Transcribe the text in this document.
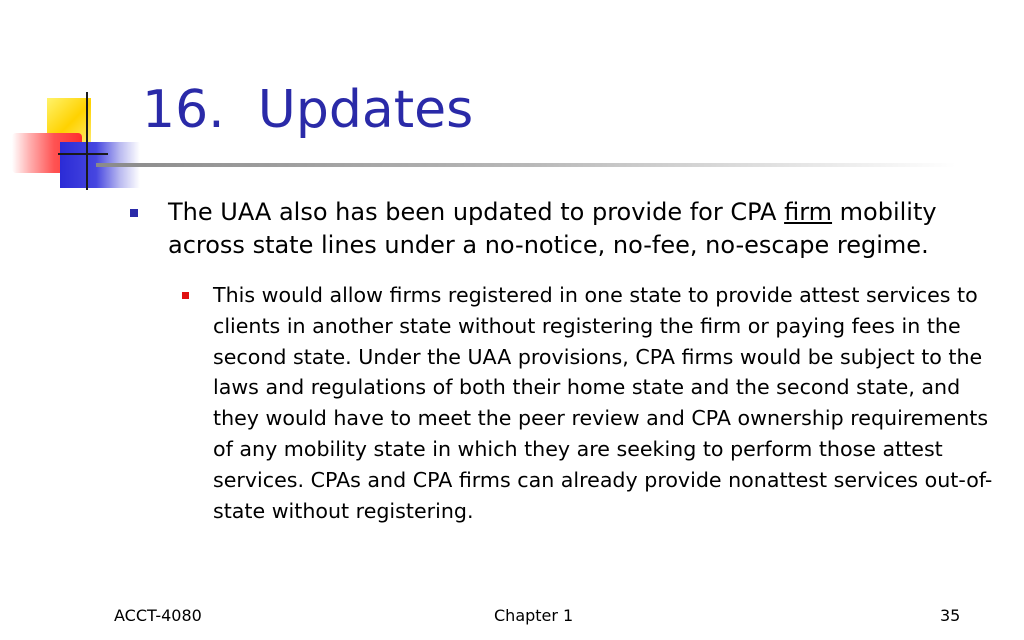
16.  Updates
The UAA also has been updated to provide for CPA firm mobility across state lines under a no-notice, no-fee, no-escape regime.
This would allow firms registered in one state to provide attest services to clients in another state without registering the firm or paying fees in the second state. Under the UAA provisions, CPA firms would be subject to the laws and regulations of both their home state and the second state, and they would have to meet the peer review and CPA ownership requirements of any mobility state in which they are seeking to perform those attest services. CPAs and CPA firms can already provide nonattest services out-of-state without registering.
ACCT-4080	Chapter 1	35
